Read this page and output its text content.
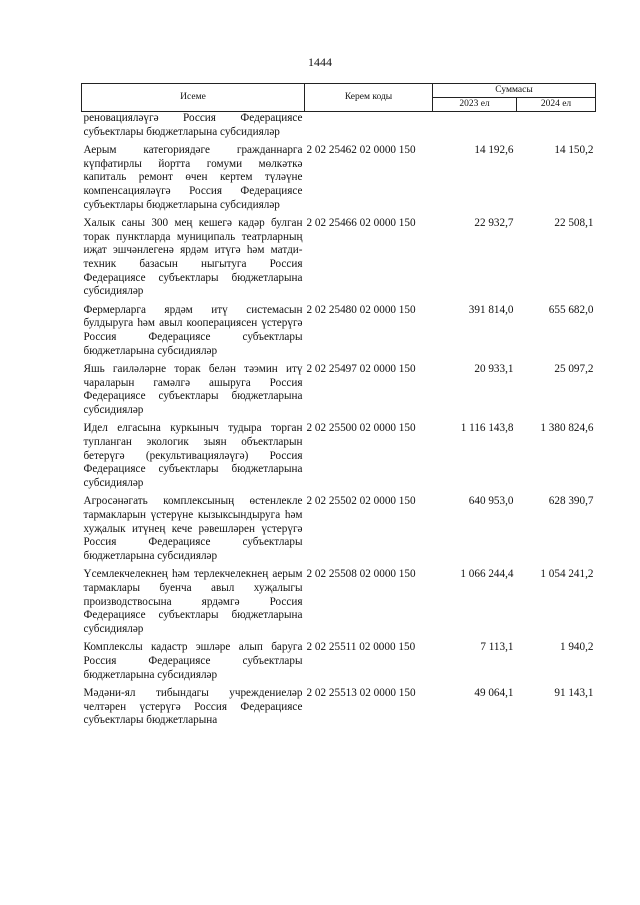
1444
Исеме	Керем коды	Суммасы	
		2023 ел	2024 ел
реновацияләүгә Россия Федерациясе субъектлары бюджетларына субсидияләр			
Аерым категориядәге гражданнарга күпфатирлы йортта гомуми мөлкәткә капиталь ремонт өчен кертем түләүне компенсацияләүгә Россия Федерациясе субъектлары бюджетларына субсидияләр	2 02 25462 02 0000 150	14 192,6	14 150,2
Халык саны 300 мең кешегә кадәр булган торак пунктларда муниципаль театрларның иҗат эшчәнлегенә ярдәм итүгә һәм матди-техник базасын ныгытуга Россия Федерациясе субъектлары бюджетларына субсидияләр	2 02 25466 02 0000 150	22 932,7	22 508,1
Фермерларга ярдәм итү системасын булдыруга һәм авыл кооперациясен үстерүгә Россия Федерациясе субъектлары бюджетларына субсидияләр	2 02 25480 02 0000 150	391 814,0	655 682,0
Яшь гаиләләрне торак белән тәэмин итү чараларын гамәлгә ашыруга Россия Федерациясе субъектлары бюджетларына субсидияләр	2 02 25497 02 0000 150	20 933,1	25 097,2
Идел елгасына куркыныч тудыра торган тупланган экологик зыян объектларын бетерүгә (рекультивацияләүгә) Россия Федерациясе субъектлары бюджетларына субсидияләр	2 02 25500 02 0000 150	1 116 143,8	1 380 824,6
Агросәнәгать комплексының өстенлекле тармакларын үстерүне кызыксындыруга һәм хуҗалык итүнең кече рәвешләрен үстерүгә Россия Федерациясе субъектлары бюджетларына субсидияләр	2 02 25502 02 0000 150	640 953,0	628 390,7
Үсемлекчелекнең һәм терлекчелекнең аерым тармаклары буенча авыл хуҗалыгы производствосына ярдәмгә Россия Федерациясе субъектлары бюджетларына субсидияләр	2 02 25508 02 0000 150	1 066 244,4	1 054 241,2
Комплекслы кадастр эшләре алып баруга Россия Федерациясе субъектлары бюджетларына субсидияләр	2 02 25511 02 0000 150	7 113,1	1 940,2
Мәдәни-ял тибындагы учреждениеләр челтәрен үстерүгә Россия Федерациясе субъектлары бюджетларына	2 02 25513 02 0000 150	49 064,1	91 143,1
